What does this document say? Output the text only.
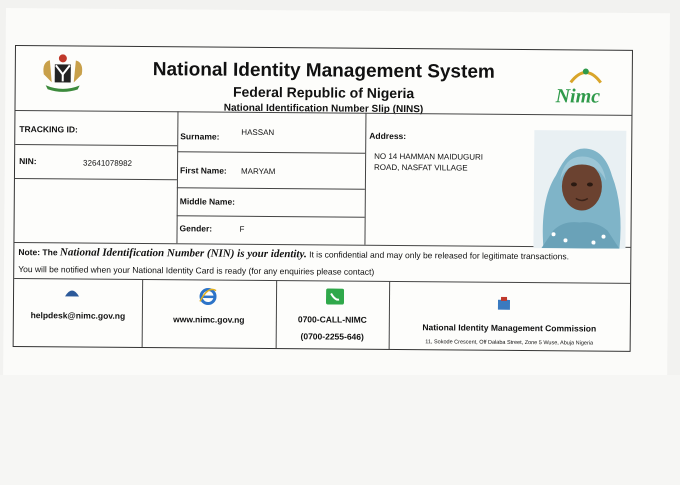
National Identity Management System
Federal Republic of Nigeria
National Identification Number Slip (NINS)
Nimc
TRACKING ID:
NIN:	32641078982
Surname:	HASSAN
First Name: MARYAM
Middle Name:
Gender:	F
Address:
NO 14 HAMMAN MAIDUGURI
ROAD, NASFAT VILLAGE
Note: The National Identification Number (NIN) is your identity. It is confidential and may only be released for legitimate transactions.
You will be notified when your National Identity Card is ready (for any enquiries please contact)
helpdesk@nimc.gov.ng	www.nimc.gov.ng	0700-CALL-NIMC
(0700-2255-646)
National Identity Management Commission
11, Sokode Crescent, Off Dalaba Street, Zone 5 Wuse, Abuja Nigeria
